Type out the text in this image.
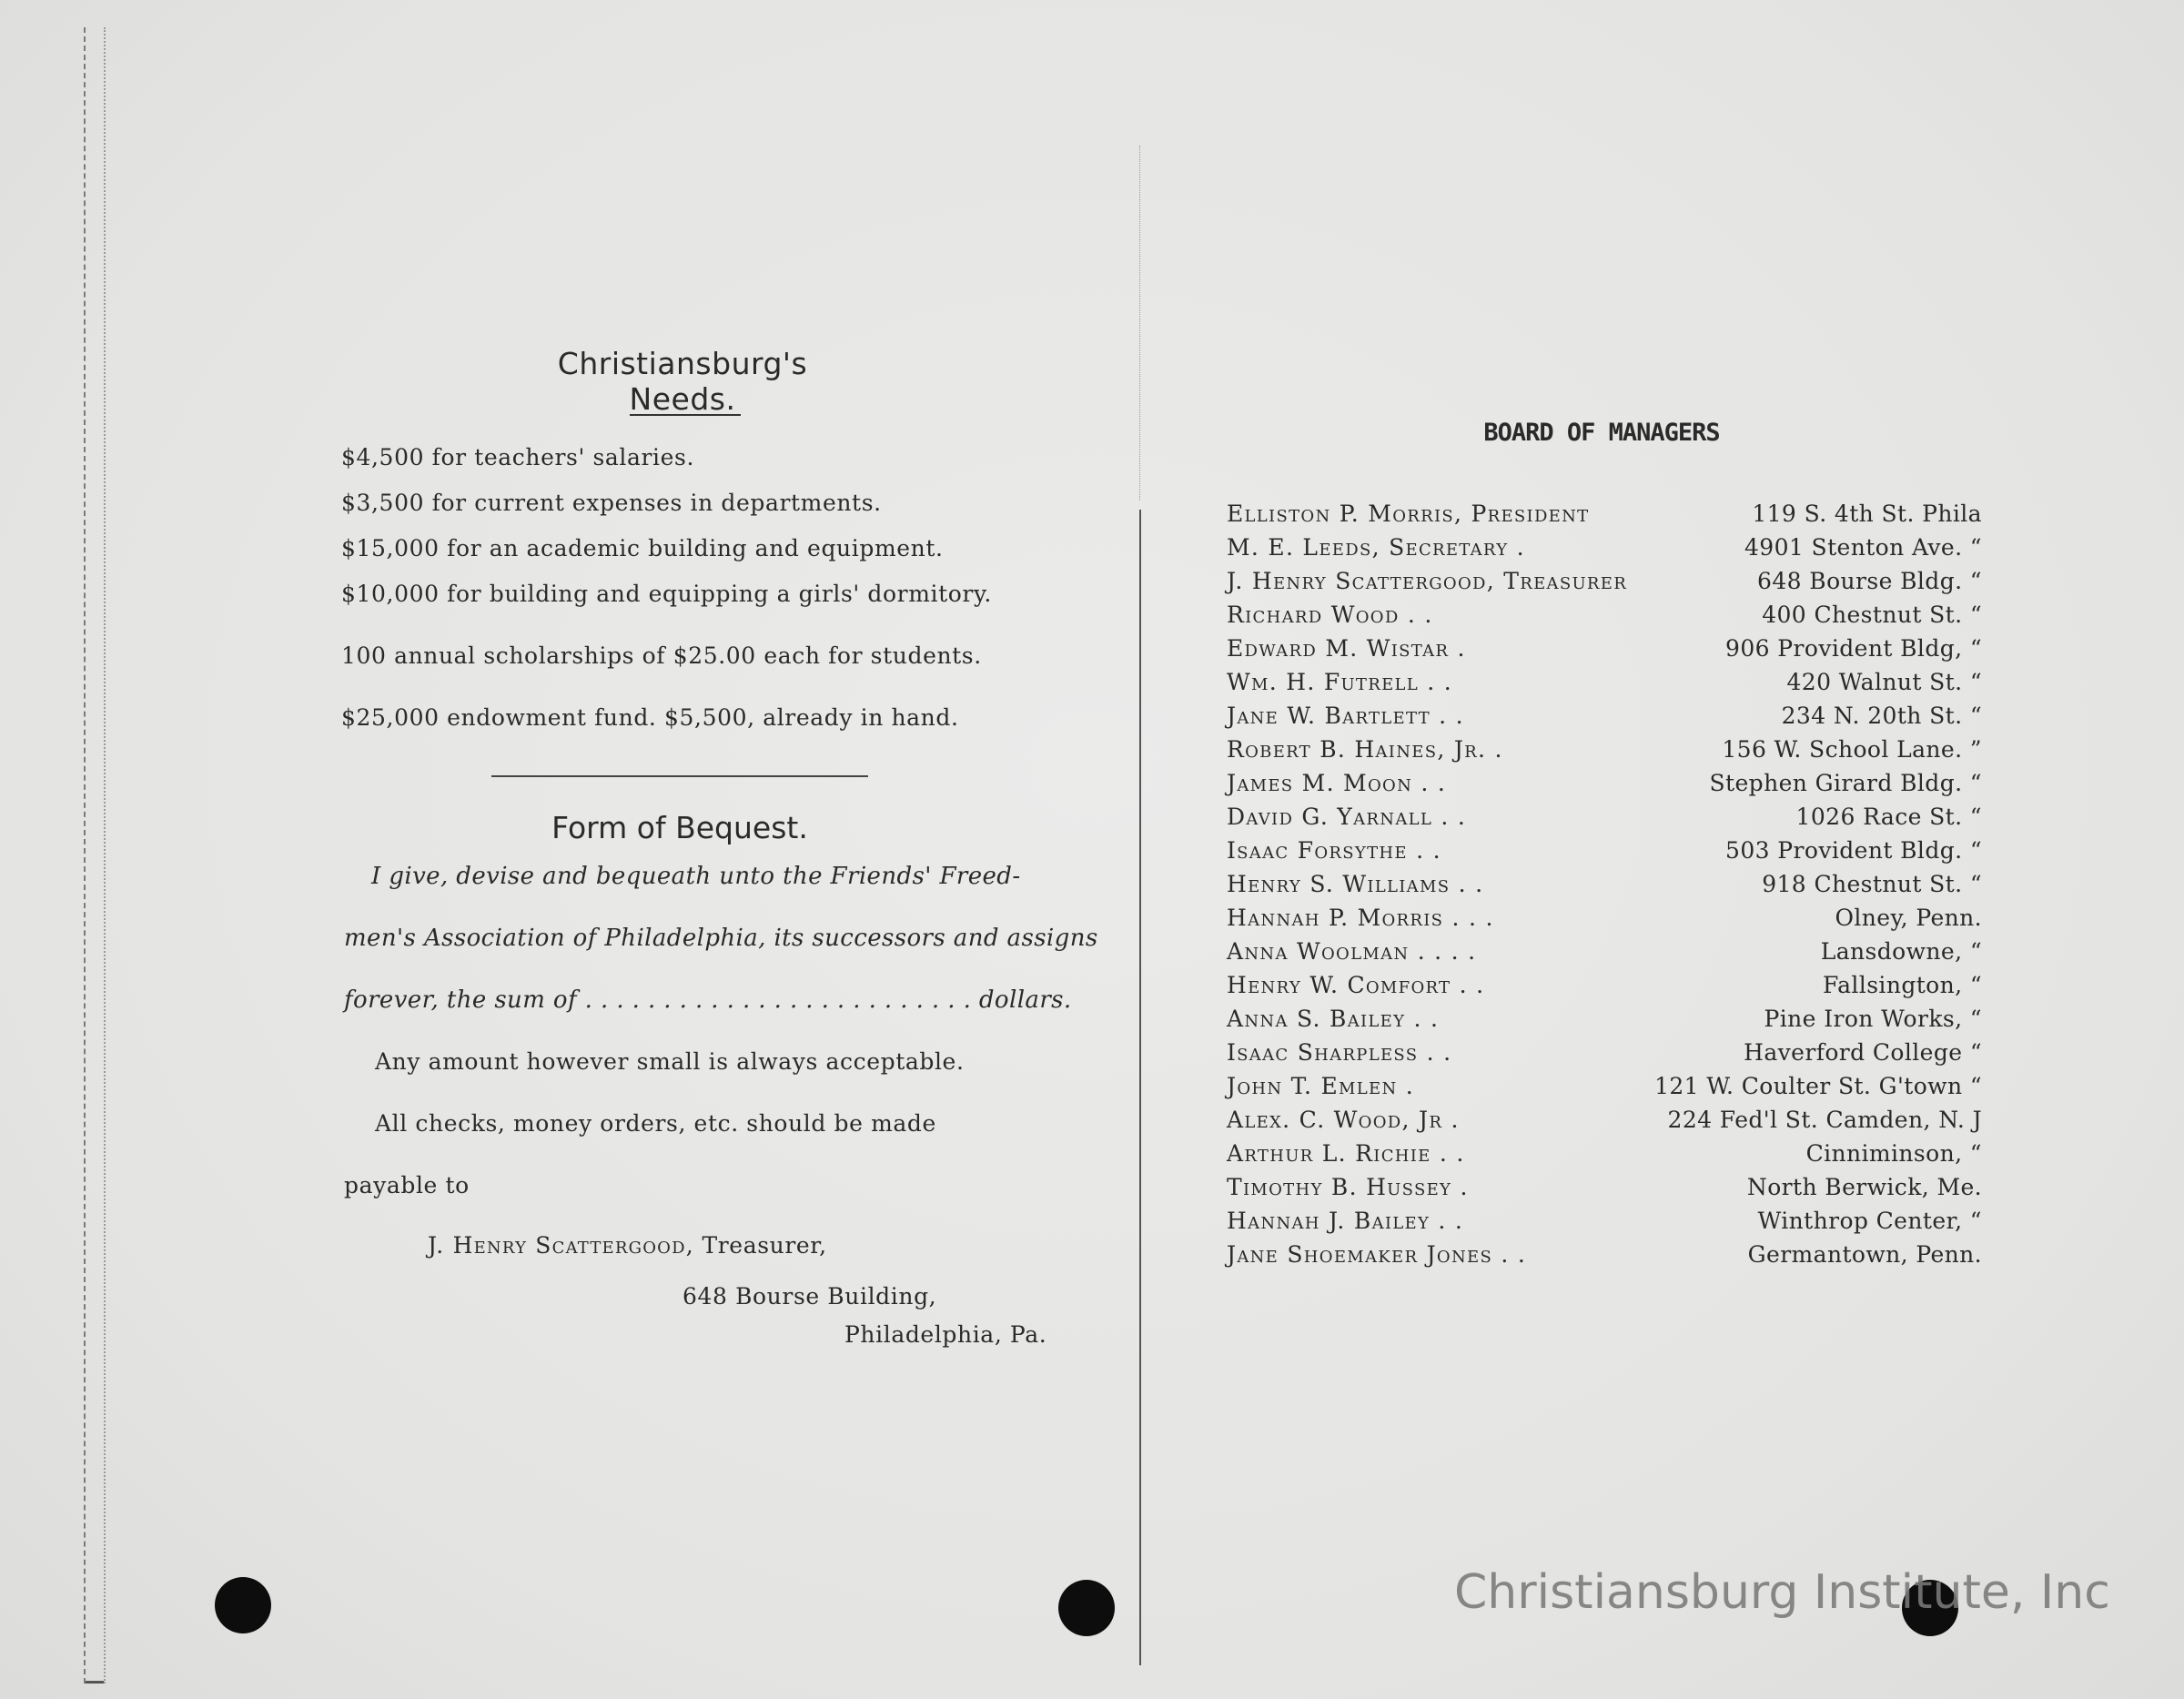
Christiansburg's Needs.
$4,500 for teachers' salaries.
$3,500 for current expenses in departments.
$15,000 for an academic building and equipment.
$10,000 for building and equipping a girls' dormitory.
100 annual scholarships of $25.00 each for students.
$25,000 endowment fund. $5,500, already in hand.
Form of Bequest.
I give, devise and bequeath unto the Friends' Freed-
men's Association of Philadelphia, its successors and assigns
forever, the sum of . . . . . . . . . . . . . . . . . . . . . . . . . dollars.
Any amount however small is always acceptable.
All checks, money orders, etc. should be made
payable to
J. Henry Scattergood, Treasurer,
648 Bourse Building,
Philadelphia, Pa.
BOARD OF MANAGERS
Elliston P. Morris, President	119 S. 4th St. Phila
M. E. Leeds, Secretary .	4901 Stenton Ave. “
J. Henry Scattergood, Treasurer	648 Bourse Bldg. “
Richard Wood . .	400 Chestnut St. “
Edward M. Wistar .	906 Provident Bldg, “
Wm. H. Futrell . .	420 Walnut St. “
Jane W. Bartlett . .	234 N. 20th St. “
Robert B. Haines, Jr. .	156 W. School Lane. ”
James M. Moon . .	Stephen Girard Bldg. “
David G. Yarnall . .	1026 Race St. “
Isaac Forsythe . .	503 Provident Bldg. “
Henry S. Williams . .	918 Chestnut St. “
Hannah P. Morris . . .	Olney, Penn.
Anna Woolman . . . .	Lansdowne, “
Henry W. Comfort . .	Fallsington, “
Anna S. Bailey . .	Pine Iron Works, “
Isaac Sharpless . .	Haverford College “
John T. Emlen .	121 W. Coulter St. G'town “
Alex. C. Wood, Jr .	224 Fed'l St. Camden, N. J
Arthur L. Richie . .	Cinniminson, “
Timothy B. Hussey .	North Berwick, Me.
Hannah J. Bailey . .	Winthrop Center, “
Jane Shoemaker Jones . .	Germantown, Penn.
Christiansburg Institute, Inc
